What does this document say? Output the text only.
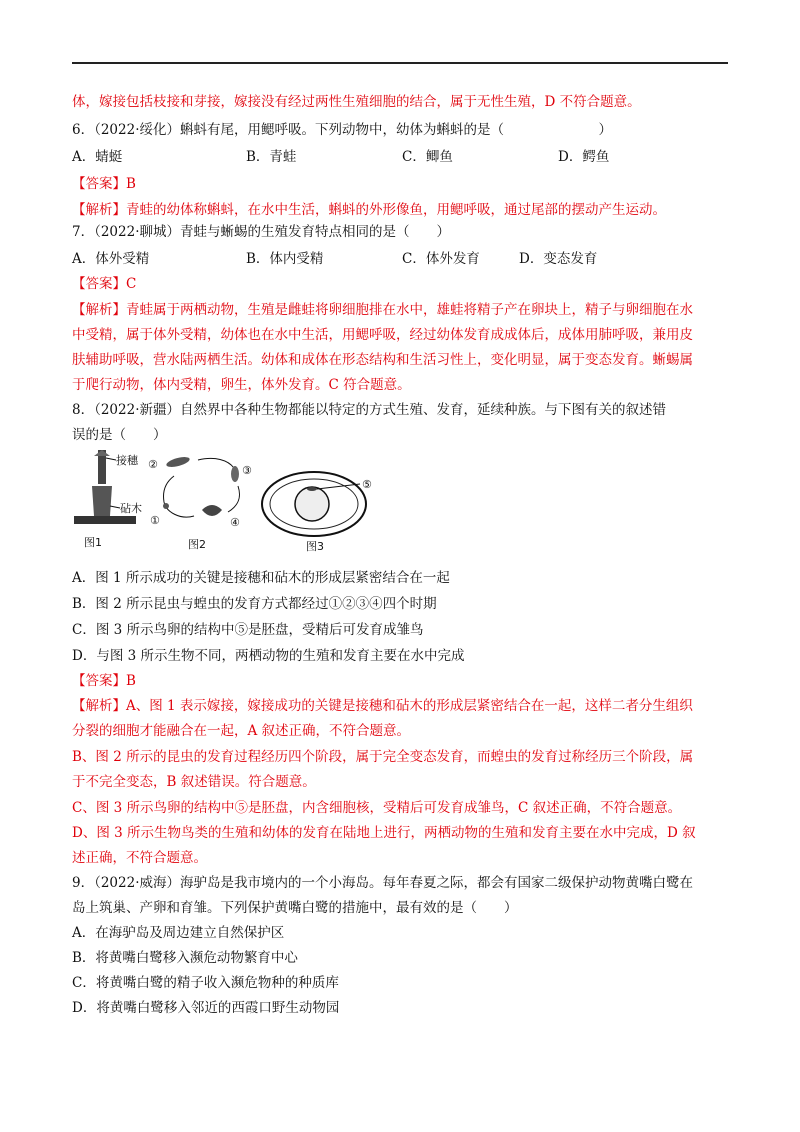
体，嫁接包括枝接和芽接，嫁接没有经过两性生殖细胞的结合，属于无性生殖，D 不符合题意。
6．（2022·绥化）蝌蚪有尾，用鳃呼吸。下列动物中，幼体为蝌蚪的是（　　　　　　　）
A．蜻蜓	B．青蛙	C．鲫鱼	D．鳄鱼
【答案】B
【解析】青蛙的幼体称蝌蚪，在水中生活，蝌蚪的外形像鱼，用鳃呼吸，通过尾部的摆动产生运动。
7．（2022·聊城）青蛙与蜥蜴的生殖发育特点相同的是（　　）
A．体外受精	B．体内受精	C．体外发育	D．变态发育
【答案】C
【解析】青蛙属于两栖动物，生殖是雌蛙将卵细胞排在水中，雄蛙将精子产在卵块上，精子与卵细胞在水
中受精，属于体外受精，幼体也在水中生活，用鳃呼吸，经过幼体发育成成体后，成体用肺呼吸，兼用皮
肤辅助呼吸，营水陆两栖生活。幼体和成体在形态结构和生活习性上，变化明显，属于变态发育。蜥蜴属
于爬行动物，体内受精，卵生，体外发育。C 符合题意。
8．（2022·新疆）自然界中各种生物都能以特定的方式生殖、发育，延续种族。与下图有关的叙述错
误的是（　　）
接穗
砧木
图1
②	③
④
①
图2
⑤
图3
A．图 1 所示成功的关键是接穗和砧木的形成层紧密结合在一起
B．图 2 所示昆虫与蝗虫的发育方式都经过①②③④四个时期
C．图 3 所示鸟卵的结构中⑤是胚盘，受精后可发育成雏鸟
D．与图 3 所示生物不同，两栖动物的生殖和发育主要在水中完成
【答案】B
【解析】A、图 1 表示嫁接，嫁接成功的关键是接穗和砧木的形成层紧密结合在一起，这样二者分生组织
分裂的细胞才能融合在一起，A 叙述正确，不符合题意。
B、图 2 所示的昆虫的发育过程经历四个阶段，属于完全变态发育，而蝗虫的发育过称经历三个阶段，属
于不完全变态，B 叙述错误。符合题意。
C、图 3 所示鸟卵的结构中⑤是胚盘，内含细胞核，受精后可发育成雏鸟，C 叙述正确，不符合题意。
D、图 3 所示生物鸟类的生殖和幼体的发育在陆地上进行，两栖动物的生殖和发育主要在水中完成，D 叙
述正确，不符合题意。
9．（2022·威海）海驴岛是我市境内的一个小海岛。每年春夏之际，都会有国家二级保护动物黄嘴白鹭在
岛上筑巢、产卵和育雏。下列保护黄嘴白鹭的措施中，最有效的是（　　）
A．在海驴岛及周边建立自然保护区
B．将黄嘴白鹭移入濒危动物繁育中心
C．将黄嘴白鹭的精子收入濒危物种的种质库
D．将黄嘴白鹭移入邻近的西霞口野生动物园
